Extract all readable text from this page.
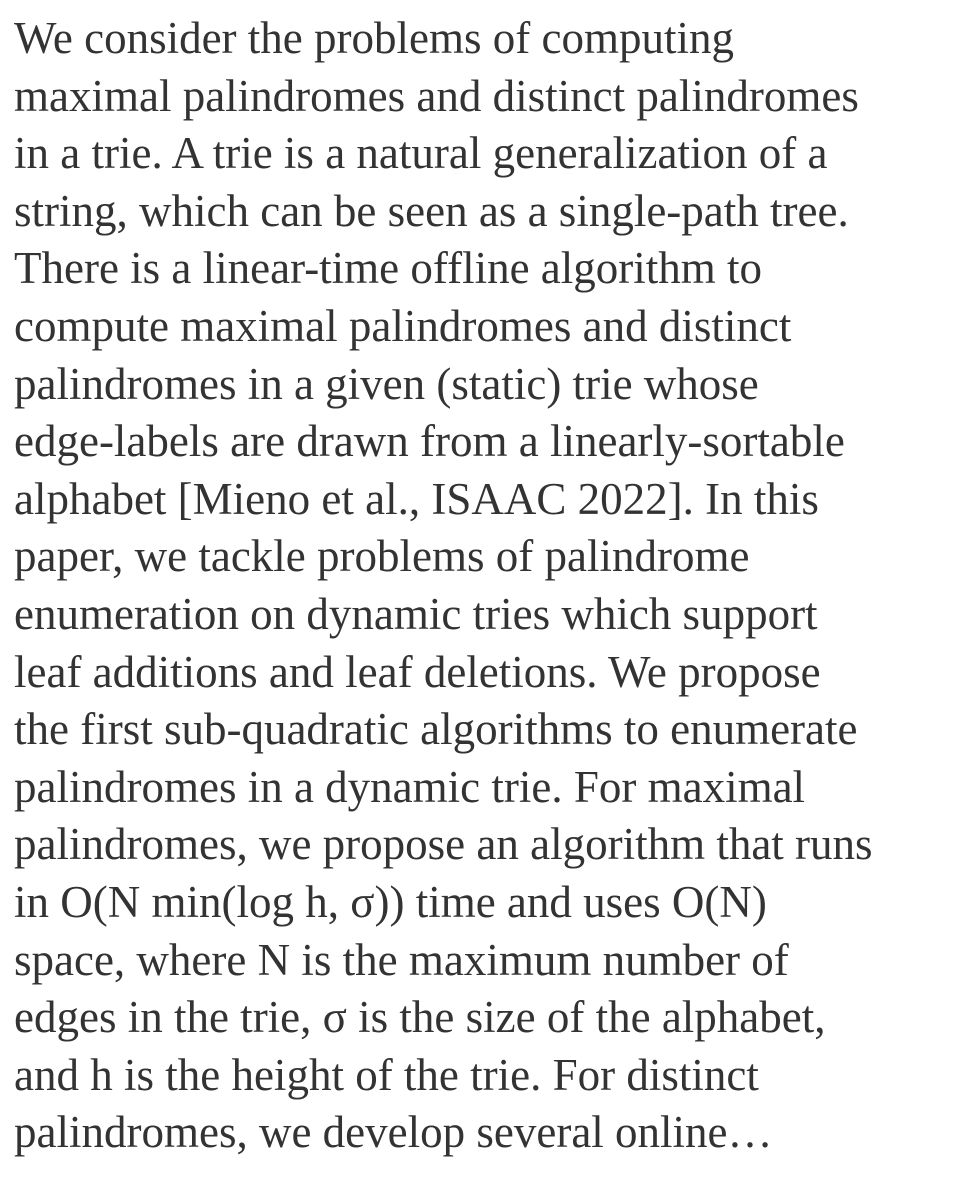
We consider the problems of computing
maximal palindromes and distinct palindromes
in a trie. A trie is a natural generalization of a
string, which can be seen as a single-path tree.
There is a linear-time offline algorithm to
compute maximal palindromes and distinct
palindromes in a given (static) trie whose
edge-labels are drawn from a linearly-sortable
alphabet [Mieno et al., ISAAC 2022]. In this
paper, we tackle problems of palindrome
enumeration on dynamic tries which support
leaf additions and leaf deletions. We propose
the first sub-quadratic algorithms to enumerate
palindromes in a dynamic trie. For maximal
palindromes, we propose an algorithm that runs
in O(N min(log h, σ)) time and uses O(N)
space, where N is the maximum number of
edges in the trie, σ is the size of the alphabet,
and h is the height of the trie. For distinct
palindromes, we develop several online…
